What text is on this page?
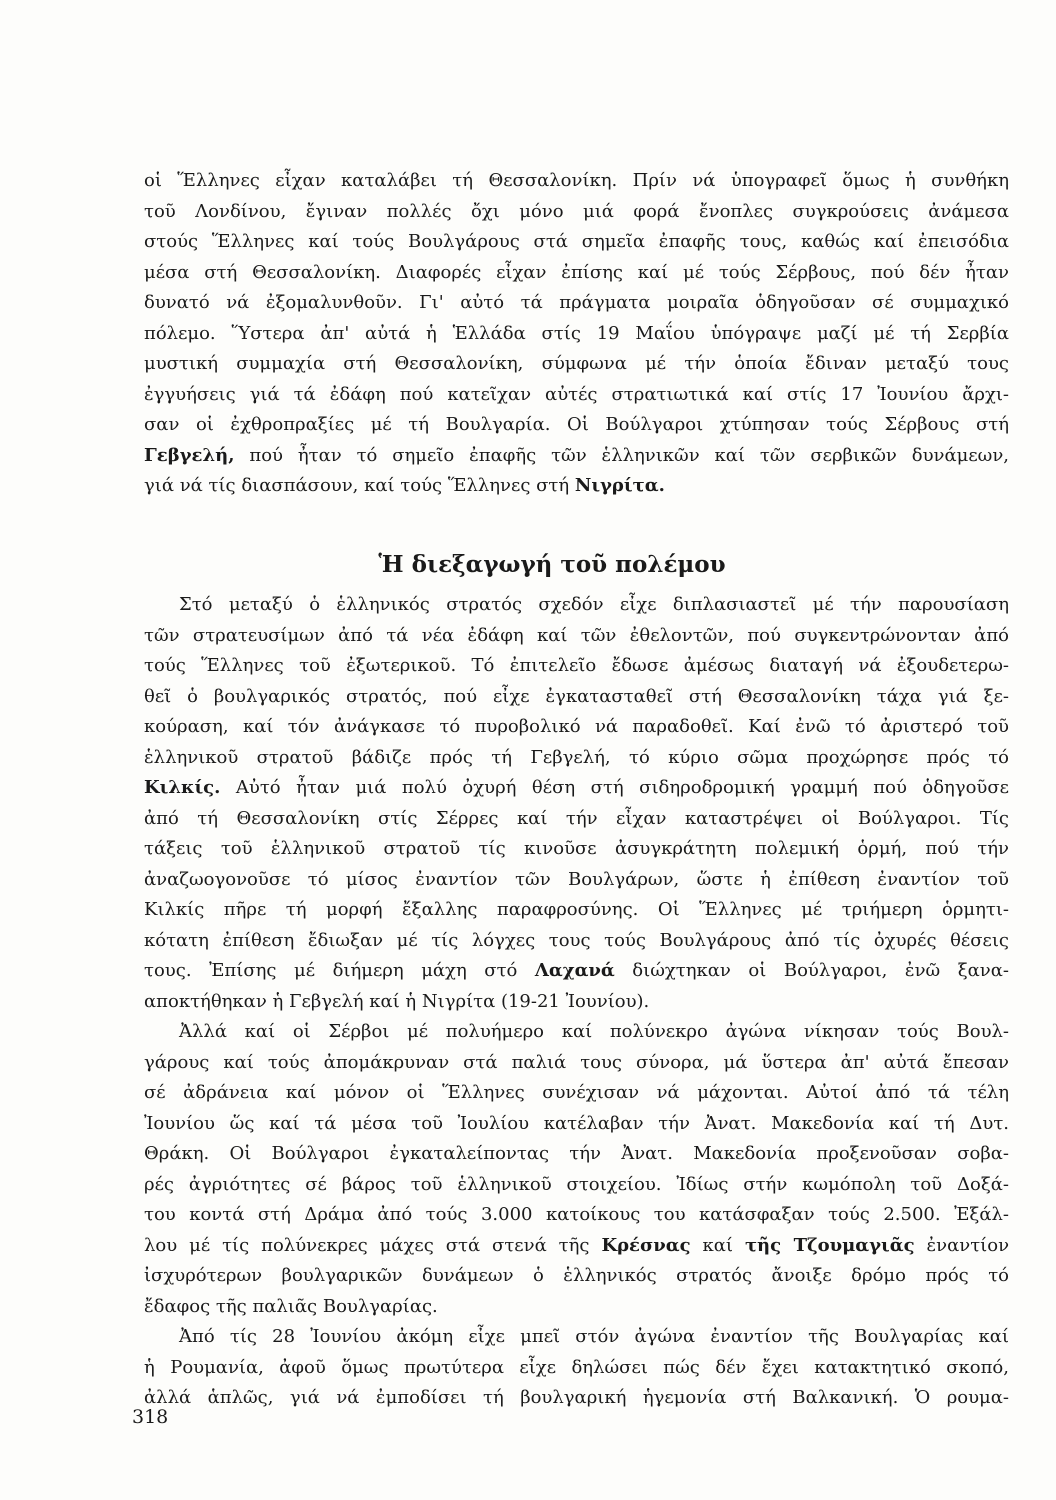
οἱ Ἕλληνες εἶχαν καταλάβει τή Θεσσαλονίκη. Πρίν νά ὑπογραφεῖ ὅμως ἡ συνθήκη
τοῦ Λονδίνου, ἔγιναν πολλές ὄχι μόνο μιά φορά ἔνοπλες συγκρούσεις ἀνάμεσα
στούς Ἕλληνες καί τούς Βουλγάρους στά σημεῖα ἐπαφῆς τους, καθώς καί ἐπεισόδια
μέσα στή Θεσσαλονίκη. Διαφορές εἶχαν ἐπίσης καί μέ τούς Σέρβους, πού δέν ἦταν
δυνατό νά ἐξομαλυνθοῦν. Γι' αὐτό τά πράγματα μοιραῖα ὁδηγοῦσαν σέ συμμαχικό
πόλεμο. Ὕστερα ἀπ' αὐτά ἡ Ἑλλάδα στίς 19 Μαΐου ὑπόγραψε μαζί μέ τή Σερβία
μυστική συμμαχία στή Θεσσαλονίκη, σύμφωνα μέ τήν ὁποία ἔδιναν μεταξύ τους
ἐγγυήσεις γιά τά ἐδάφη πού κατεῖχαν αὐτές στρατιωτικά καί στίς 17 Ἰουνίου ἄρχι-
σαν οἱ ἐχθροπραξίες μέ τή Βουλγαρία. Οἱ Βούλγαροι χτύπησαν τούς Σέρβους στή
Γεβγελή, πού ἦταν τό σημεῖο ἐπαφῆς τῶν ἑλληνικῶν καί τῶν σερβικῶν δυνάμεων,
γιά νά τίς διασπάσουν, καί τούς Ἕλληνες στή Νιγρίτα.
Ἡ διεξαγωγή τοῦ πολέμου
Στό μεταξύ ὁ ἑλληνικός στρατός σχεδόν εἶχε διπλασιαστεῖ μέ τήν παρουσίαση
τῶν στρατευσίμων ἀπό τά νέα ἐδάφη καί τῶν ἐθελοντῶν, πού συγκεντρώνονταν ἀπό
τούς Ἕλληνες τοῦ ἐξωτερικοῦ. Τό ἐπιτελεῖο ἔδωσε ἀμέσως διαταγή νά ἐξουδετερω-
θεῖ ὁ βουλγαρικός στρατός, πού εἶχε ἐγκατασταθεῖ στή Θεσσαλονίκη τάχα γιά ξε-
κούραση, καί τόν ἀνάγκασε τό πυροβολικό νά παραδοθεῖ. Καί ἐνῶ τό ἀριστερό τοῦ
ἑλληνικοῦ στρατοῦ βάδιζε πρός τή Γεβγελή, τό κύριο σῶμα προχώρησε πρός τό
Κιλκίς. Αὐτό ἦταν μιά πολύ ὀχυρή θέση στή σιδηροδρομική γραμμή πού ὁδηγοῦσε
ἀπό τή Θεσσαλονίκη στίς Σέρρες καί τήν εἶχαν καταστρέψει οἱ Βούλγαροι. Τίς
τάξεις τοῦ ἑλληνικοῦ στρατοῦ τίς κινοῦσε ἀσυγκράτητη πολεμική ὁρμή, πού τήν
ἀναζωογονοῦσε τό μίσος ἐναντίον τῶν Βουλγάρων, ὥστε ἡ ἐπίθεση ἐναντίον τοῦ
Κιλκίς πῆρε τή μορφή ἔξαλλης παραφροσύνης. Οἱ Ἕλληνες μέ τριήμερη ὁρμητι-
κότατη ἐπίθεση ἔδιωξαν μέ τίς λόγχες τους τούς Βουλγάρους ἀπό τίς ὀχυρές θέσεις
τους. Ἐπίσης μέ διήμερη μάχη στό Λαχανά διώχτηκαν οἱ Βούλγαροι, ἐνῶ ξανα-
αποκτήθηκαν ἡ Γεβγελή καί ἡ Νιγρίτα (19-21 Ἰουνίου).
Ἀλλά καί οἱ Σέρβοι μέ πολυήμερο καί πολύνεκρο ἀγώνα νίκησαν τούς Βουλ-
γάρους καί τούς ἀπομάκρυναν στά παλιά τους σύνορα, μά ὕστερα ἀπ' αὐτά ἔπεσαν
σέ ἀδράνεια καί μόνον οἱ Ἕλληνες συνέχισαν νά μάχονται. Αὐτοί ἀπό τά τέλη
Ἰουνίου ὥς καί τά μέσα τοῦ Ἰουλίου κατέλαβαν τήν Ἀνατ. Μακεδονία καί τή Δυτ.
Θράκη. Οἱ Βούλγαροι ἐγκαταλείποντας τήν Ἀνατ. Μακεδονία προξενοῦσαν σοβα-
ρές ἀγριότητες σέ βάρος τοῦ ἑλληνικοῦ στοιχείου. Ἰδίως στήν κωμόπολη τοῦ Δοξά-
του κοντά στή Δράμα ἀπό τούς 3.000 κατοίκους του κατάσφαξαν τούς 2.500. Ἐξάλ-
λου μέ τίς πολύνεκρες μάχες στά στενά τῆς Κρέσνας καί τῆς Τζουμαγιᾶς ἐναντίον
ἰσχυρότερων βουλγαρικῶν δυνάμεων ὁ ἑλληνικός στρατός ἄνοιξε δρόμο πρός τό
ἔδαφος τῆς παλιᾶς Βουλγαρίας.
Ἀπό τίς 28 Ἰουνίου ἀκόμη εἶχε μπεῖ στόν ἀγώνα ἐναντίον τῆς Βουλγαρίας καί
ἡ Ρουμανία, ἀφοῦ ὅμως πρωτύτερα εἶχε δηλώσει πώς δέν ἔχει κατακτητικό σκοπό,
ἀλλά ἁπλῶς, γιά νά ἐμποδίσει τή βουλγαρική ἡγεμονία στή Βαλκανική. Ὁ ρουμα-
318
